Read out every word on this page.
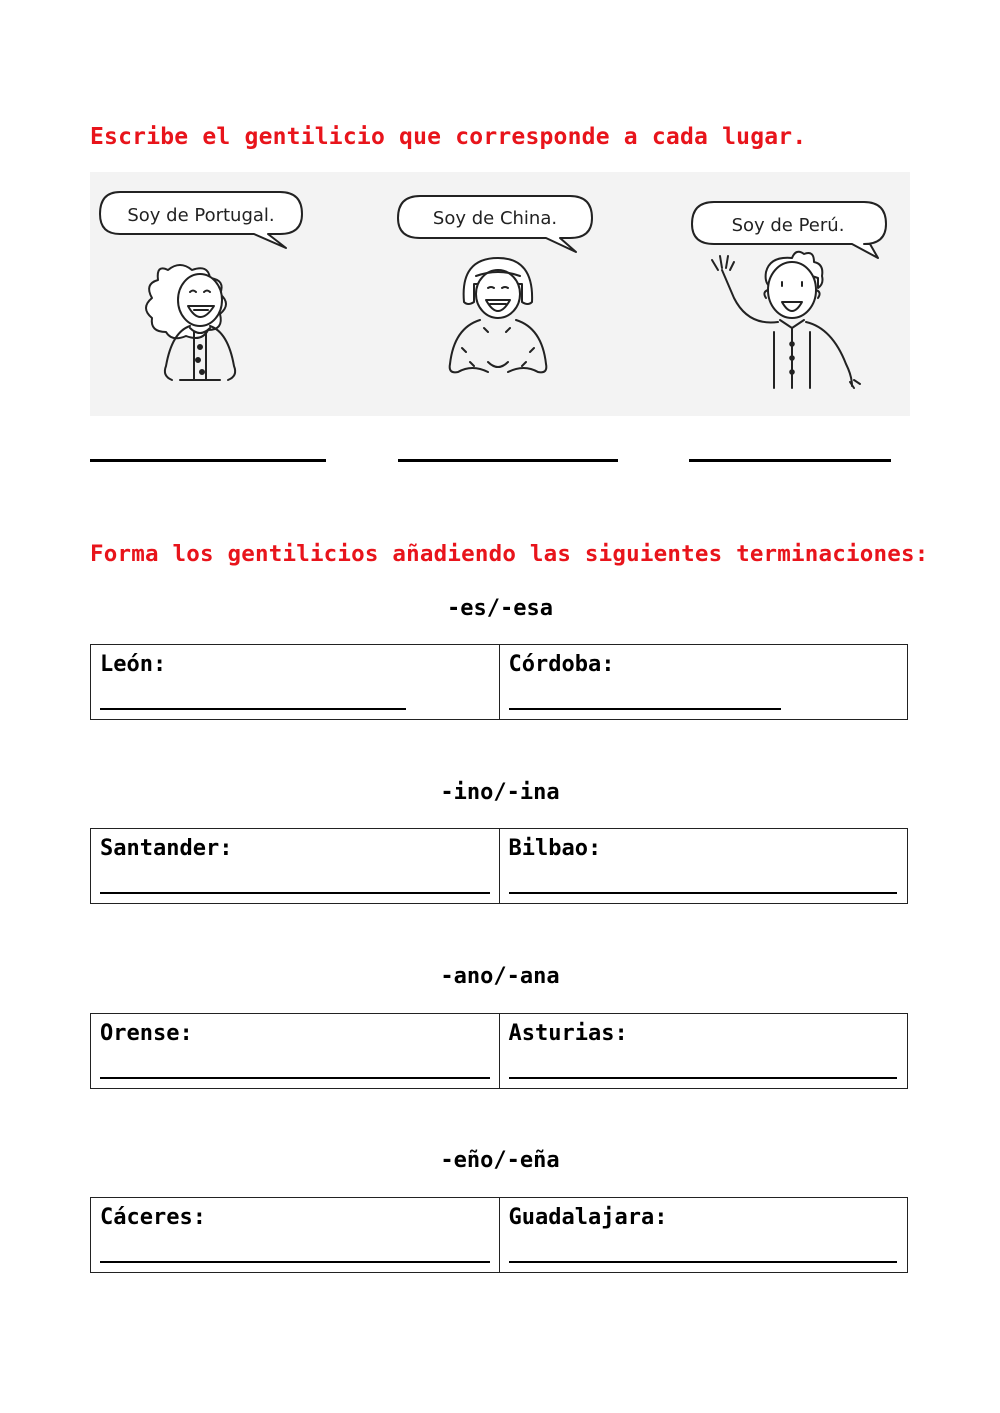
Escribe el gentilicio que corresponde a cada lugar.
Soy de Portugal.	Soy de China.	Soy de Perú.
Forma los gentilicios añadiendo las siguientes terminaciones:

-es/-esa

León:	Córdoba:

-ino/-ina

Santander:	Bilbao:

-ano/-ana

Orense:	Asturias:

-eño/-eña

Cáceres:	Guadalajara:
